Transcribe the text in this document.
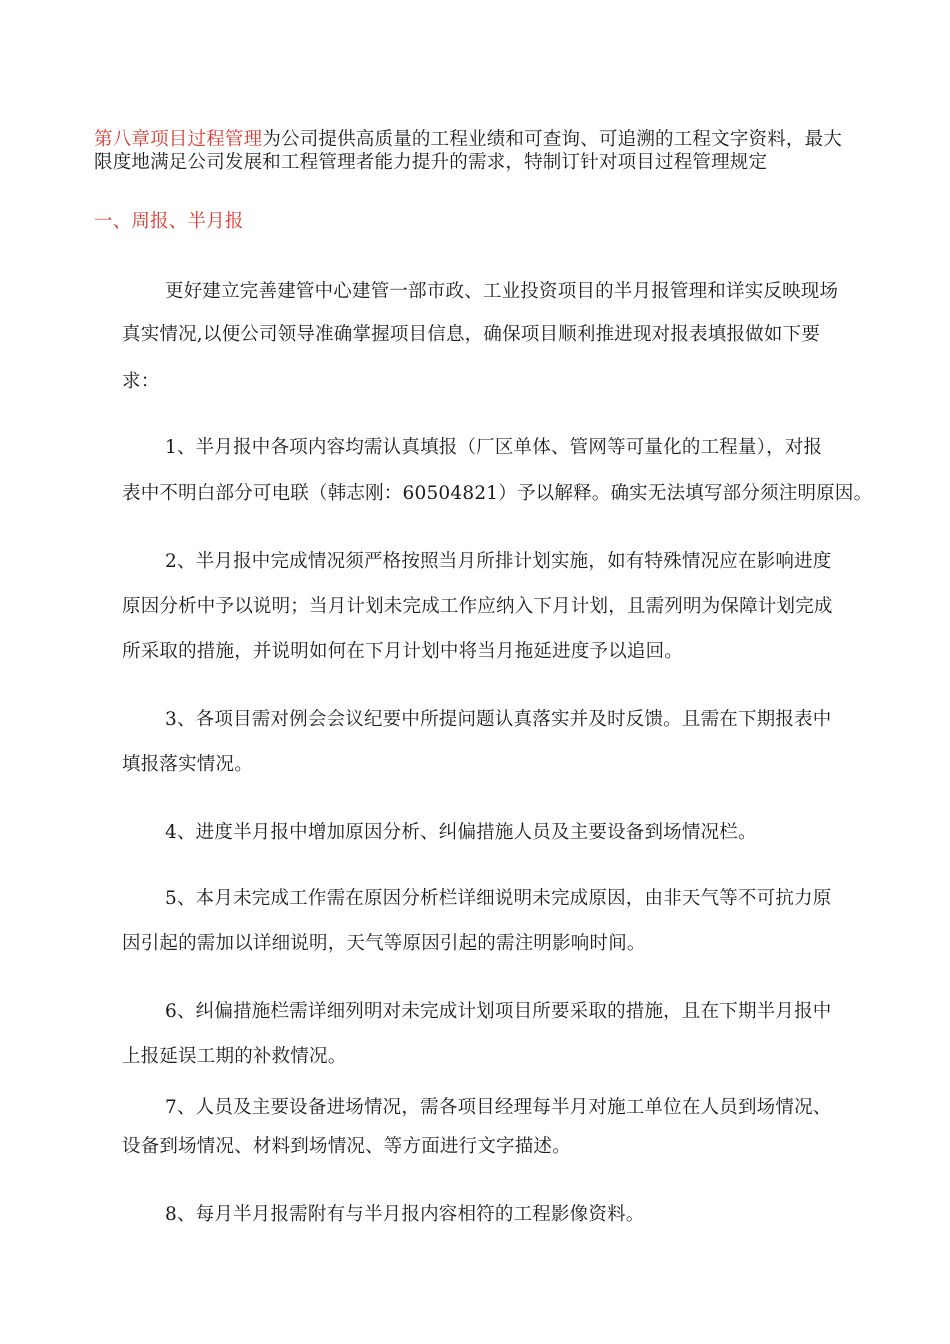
第八章项目过程管理为公司提供高质量的工程业绩和可查询、可追溯的工程文字资料，最大
限度地满足公司发展和工程管理者能力提升的需求，特制订针对项目过程管理规定
一、周报、半月报
更好建立完善建管中心建管一部市政、工业投资项目的半月报管理和详实反映现场
真实情况,以便公司领导准确掌握项目信息，确保项目顺利推进现对报表填报做如下要
求：
1、半月报中各项内容均需认真填报（厂区单体、管网等可量化的工程量），对报
表中不明白部分可电联（韩志刚：60504821）予以解释。确实无法填写部分须注明原因。
2、半月报中完成情况须严格按照当月所排计划实施，如有特殊情况应在影响进度
原因分析中予以说明；当月计划未完成工作应纳入下月计划，且需列明为保障计划完成
所采取的措施，并说明如何在下月计划中将当月拖延进度予以追回。
3、各项目需对例会会议纪要中所提问题认真落实并及时反馈。且需在下期报表中
填报落实情况。
4、进度半月报中增加原因分析、纠偏措施人员及主要设备到场情况栏。
5、本月未完成工作需在原因分析栏详细说明未完成原因，由非天气等不可抗力原
因引起的需加以详细说明，天气等原因引起的需注明影响时间。
6、纠偏措施栏需详细列明对未完成计划项目所要采取的措施，且在下期半月报中
上报延误工期的补救情况。
7、人员及主要设备进场情况，需各项目经理每半月对施工单位在人员到场情况、
设备到场情况、材料到场情况、等方面进行文字描述。
8、每月半月报需附有与半月报内容相符的工程影像资料。
